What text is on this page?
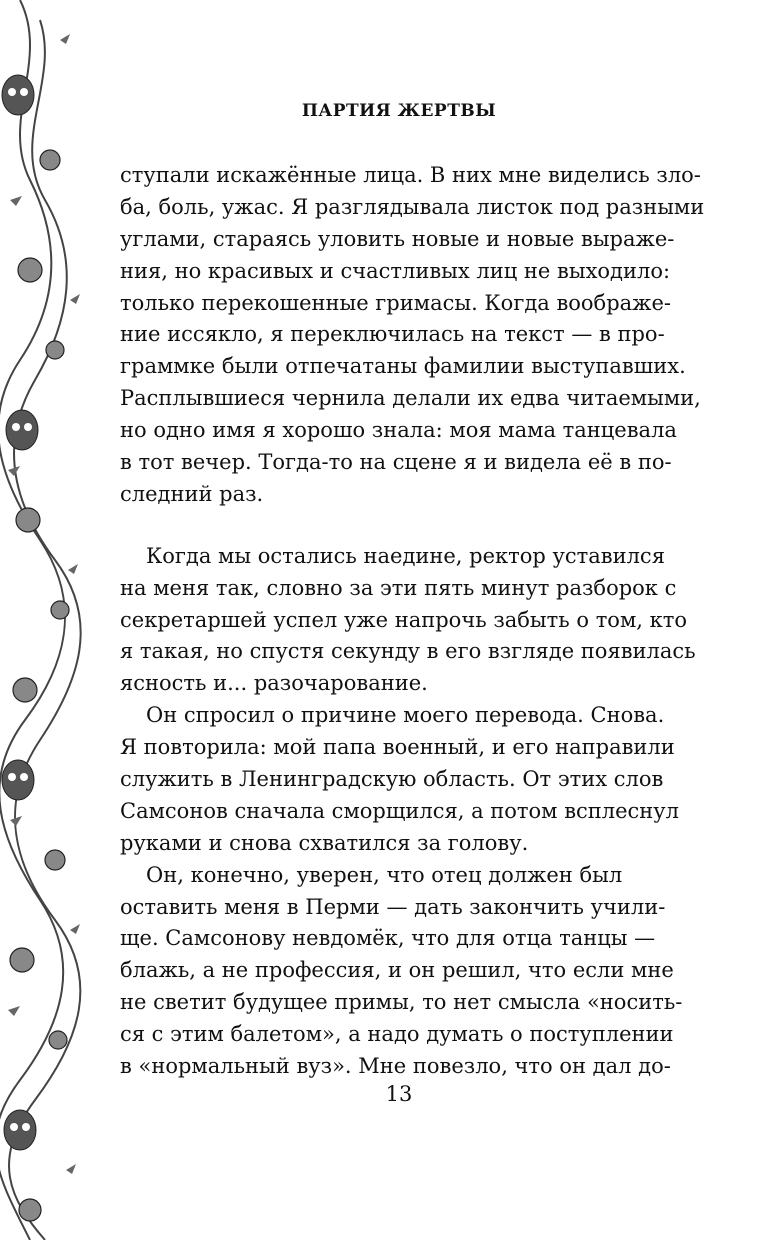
ПАРТИЯ ЖЕРТВЫ
ступали искажённые лица. В них мне виделись зло-
ба, боль, ужас. Я разглядывала листок под разными
углами, стараясь уловить новые и новые выраже-
ния, но красивых и счастливых лиц не выходило:
только перекошенные гримасы. Когда воображе-
ние иссякло, я переключилась на текст — в про-
граммке были отпечатаны фамилии выступавших.
Расплывшиеся чернила делали их едва читаемыми,
но одно имя я хорошо знала: моя мама танцевала
в тот вечер. Тогда-то на сцене я и видела её в по-
следний раз.
Когда мы остались наедине, ректор уставился
на меня так, словно за эти пять минут разборок с
секретаршей успел уже напрочь забыть о том, кто
я такая, но спустя секунду в его взгляде появилась
ясность и... разочарование.
Он спросил о причине моего перевода. Снова.
Я повторила: мой папа военный, и его направили
служить в Ленинградскую область. От этих слов
Самсонов сначала сморщился, а потом всплеснул
руками и снова схватился за голову.
Он, конечно, уверен, что отец должен был
оставить меня в Перми — дать закончить учили-
ще. Самсонову невдомёк, что для отца танцы —
блажь, а не профессия, и он решил, что если мне
не светит будущее примы, то нет смысла «носить-
ся с этим балетом», а надо думать о поступлении
в «нормальный вуз». Мне повезло, что он дал до-
13
